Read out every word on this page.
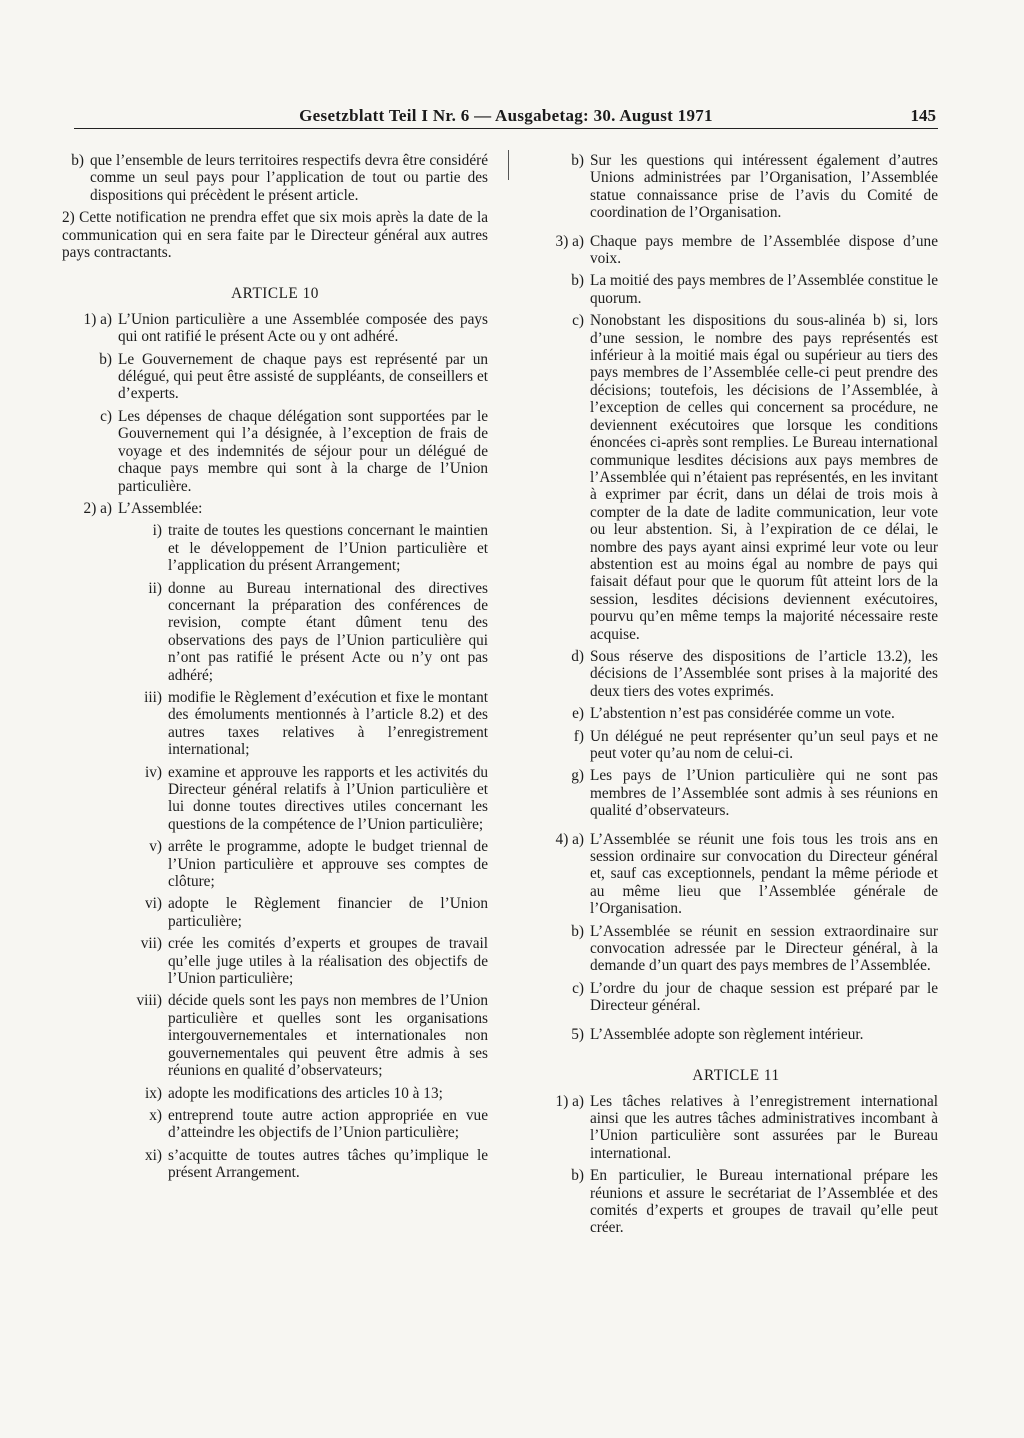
Gesetzblatt Teil I Nr. 6 — Ausgabetag: 30. August 1971	145
b) que l’ensemble de leurs territoires respectifs devra être considéré comme un seul pays pour l’application de tout ou partie des dispositions qui précèdent le présent article.

2) Cette notification ne prendra effet que six mois après la date de la communication qui en sera faite par le Directeur général aux autres pays contractants.

ARTICLE 10
1) a) L’Union particulière a une Assemblée composée des pays qui ont ratifié le présent Acte ou y ont adhéré.
b) Le Gouvernement de chaque pays est représenté par un délégué, qui peut être assisté de suppléants, de conseillers et d’experts.
c) Les dépenses de chaque délégation sont supportées par le Gouvernement qui l’a désignée, à l’exception de frais de voyage et des indemnités de séjour pour un délégué de chaque pays membre qui sont à la charge de l’Union particulière.
2) a) L’Assemblée:
i) traite de toutes les questions concernant le maintien et le développement de l’Union particulière et l’application du présent Arrangement;
ii) donne au Bureau international des directives concernant la préparation des conférences de revision, compte étant dûment tenu des observations des pays de l’Union particulière qui n’ont pas ratifié le présent Acte ou n’y ont pas adhéré;
iii) modifie le Règlement d’exécution et fixe le montant des émoluments mentionnés à l’article 8.2) et des autres taxes relatives à l’enregistrement international;
iv) examine et approuve les rapports et les activités du Directeur général relatifs à l’Union particulière et lui donne toutes directives utiles concernant les questions de la compétence de l’Union particulière;
v) arrête le programme, adopte le budget triennal de l’Union particulière et approuve ses comptes de clôture;
vi) adopte le Règlement financier de l’Union particulière;
vii) crée les comités d’experts et groupes de travail qu’elle juge utiles à la réalisation des objectifs de l’Union particulière;
viii) décide quels sont les pays non membres de l’Union particulière et quelles sont les organisations intergouvernementales et internationales non gouvernementales qui peuvent être admis à ses réunions en qualité d’observateurs;
ix) adopte les modifications des articles 10 à 13;
x) entreprend toute autre action appropriée en vue d’atteindre les objectifs de l’Union particulière;
xi) s’acquitte de toutes autres tâches qu’implique le présent Arrangement.
b) Sur les questions qui intéressent également d’autres Unions administrées par l’Organisation, l’Assemblée statue connaissance prise de l’avis du Comité de coordination de l’Organisation.
3) a) Chaque pays membre de l’Assemblée dispose d’une voix.
b) La moitié des pays membres de l’Assemblée constitue le quorum.
c) Nonobstant les dispositions du sous-alinéa b) si, lors d’une session, le nombre des pays représentés est inférieur à la moitié mais égal ou supérieur au tiers des pays membres de l’Assemblée celle-ci peut prendre des décisions; toutefois, les décisions de l’Assemblée, à l’exception de celles qui concernent sa procédure, ne deviennent exécutoires que lorsque les conditions énoncées ci-après sont remplies. Le Bureau international communique lesdites décisions aux pays membres de l’Assemblée qui n’étaient pas représentés, en les invitant à exprimer par écrit, dans un délai de trois mois à compter de la date de ladite communication, leur vote ou leur abstention. Si, à l’expiration de ce délai, le nombre des pays ayant ainsi exprimé leur vote ou leur abstention est au moins égal au nombre de pays qui faisait défaut pour que le quorum fût atteint lors de la session, lesdites décisions deviennent exécutoires, pourvu qu’en même temps la majorité nécessaire reste acquise.
d) Sous réserve des dispositions de l’article 13.2), les décisions de l’Assemblée sont prises à la majorité des deux tiers des votes exprimés.
e) L’abstention n’est pas considérée comme un vote.
f) Un délégué ne peut représenter qu’un seul pays et ne peut voter qu’au nom de celui-ci.
g) Les pays de l’Union particulière qui ne sont pas membres de l’Assemblée sont admis à ses réunions en qualité d’observateurs.
4) a) L’Assemblée se réunit une fois tous les trois ans en session ordinaire sur convocation du Directeur général et, sauf cas exceptionnels, pendant la même période et au même lieu que l’Assemblée générale de l’Organisation.
b) L’Assemblée se réunit en session extraordinaire sur convocation adressée par le Directeur général, à la demande d’un quart des pays membres de l’Assemblée.
c) L’ordre du jour de chaque session est préparé par le Directeur général.
5) L’Assemblée adopte son règlement intérieur.
ARTICLE 11
1) a) Les tâches relatives à l’enregistrement international ainsi que les autres tâches administratives incombant à l’Union particulière sont assurées par le Bureau international.
b) En particulier, le Bureau international prépare les réunions et assure le secrétariat de l’Assemblée et des comités d’experts et groupes de travail qu’elle peut créer.
